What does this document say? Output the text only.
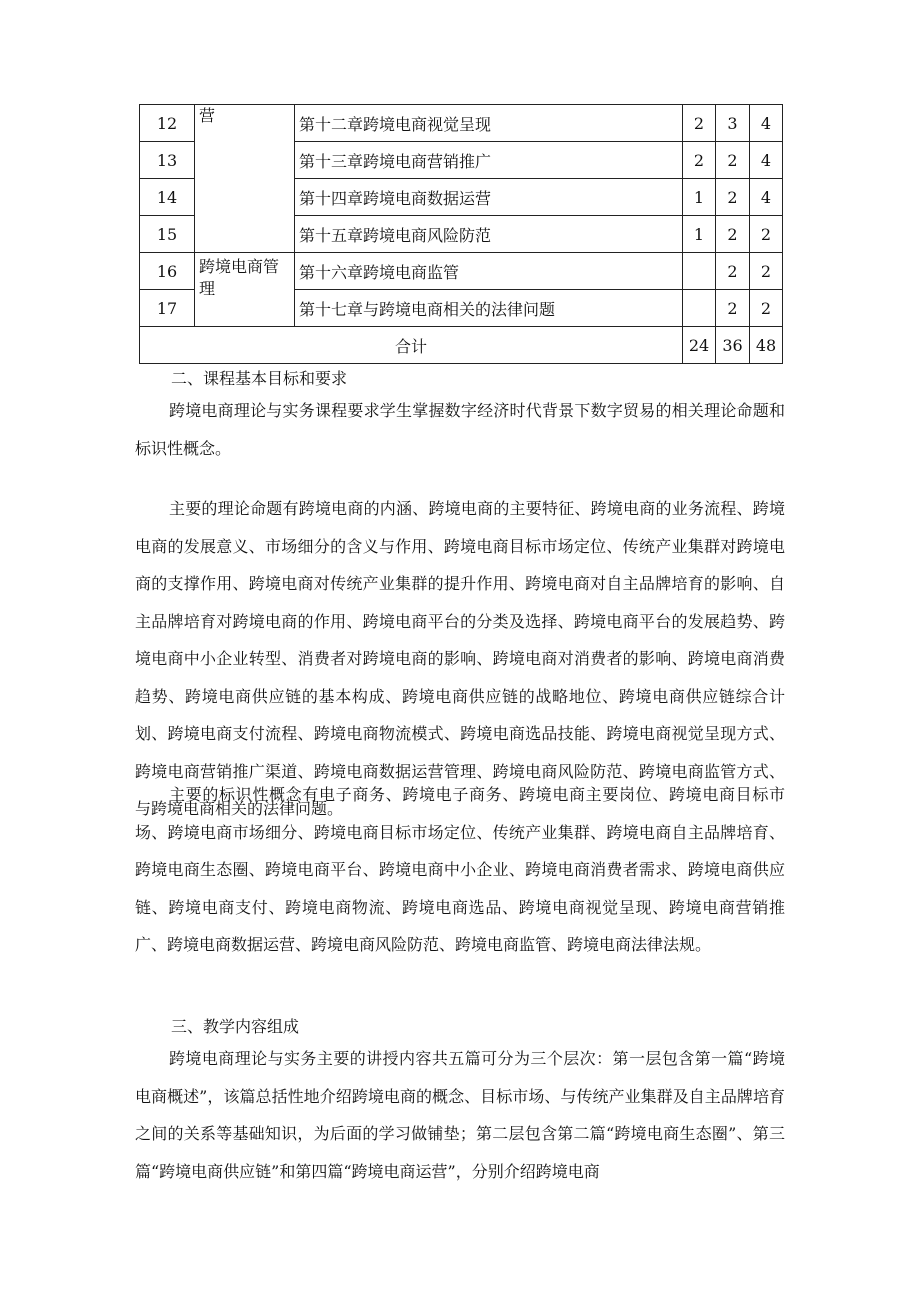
12	营	第十二章跨境电商视觉呈现	2	3	4
13		第十三章跨境电商营销推广	2	2	4
14		第十四章跨境电商数据运营	1	2	4
15		第十五章跨境电商风险防范	1	2	2
16	跨境电商管理	第十六章跨境电商监管		2	2
17		第十七章与跨境电商相关的法律问题		2	2
合计			24	36	48
二、课程基本目标和要求

跨境电商理论与实务课程要求学生掌握数字经济时代背景下数字贸易的相关理论命题和标识性概念。

主要的理论命题有跨境电商的内涵、跨境电商的主要特征、跨境电商的业务流程、跨境电商的发展意义、市场细分的含义与作用、跨境电商目标市场定位、传统产业集群对跨境电商的支撑作用、跨境电商对传统产业集群的提升作用、跨境电商对自主品牌培育的影响、自主品牌培育对跨境电商的作用、跨境电商平台的分类及选择、跨境电商平台的发展趋势、跨境电商中小企业转型、消费者对跨境电商的影响、跨境电商对消费者的影响、跨境电商消费趋势、跨境电商供应链的基本构成、跨境电商供应链的战略地位、跨境电商供应链综合计划、跨境电商支付流程、跨境电商物流模式、跨境电商选品技能、跨境电商视觉呈现方式、跨境电商营销推广渠道、跨境电商数据运营管理、跨境电商风险防范、跨境电商监管方式、与跨境电商相关的法律问题。

主要的标识性概念有电子商务、跨境电子商务、跨境电商主要岗位、跨境电商目标市场、跨境电商市场细分、跨境电商目标市场定位、传统产业集群、跨境电商自主品牌培育、跨境电商生态圈、跨境电商平台、跨境电商中小企业、跨境电商消费者需求、跨境电商供应链、跨境电商支付、跨境电商物流、跨境电商选品、跨境电商视觉呈现、跨境电商营销推广、跨境电商数据运营、跨境电商风险防范、跨境电商监管、跨境电商法律法规。

三、教学内容组成

跨境电商理论与实务主要的讲授内容共五篇可分为三个层次：第一层包含第一篇“跨境电商概述”，该篇总括性地介绍跨境电商的概念、目标市场、与传统产业集群及自主品牌培育之间的关系等基础知识，为后面的学习做铺垫；第二层包含第二篇“跨境电商生态圈”、第三篇“跨境电商供应链”和第四篇“跨境电商运营”，分别介绍跨境电商
